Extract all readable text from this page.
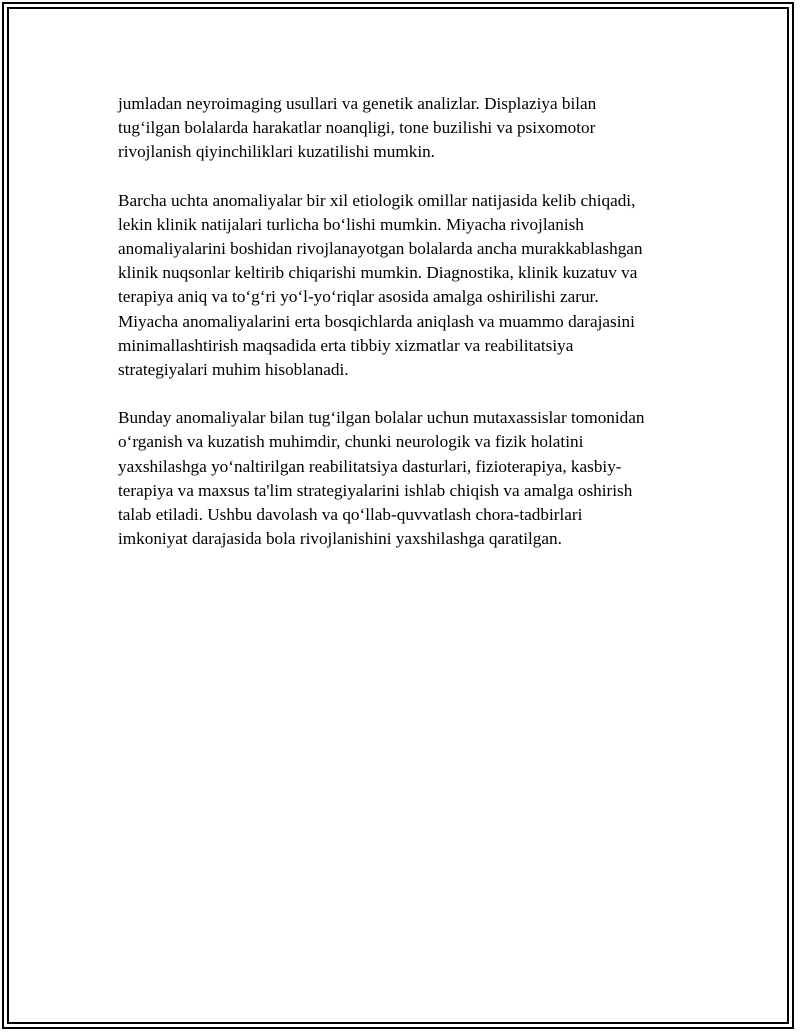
jumladan neyroimaging usullari va genetik analizlar. Displaziya bilan
tug‘ilgan bolalarda harakatlar noanqligi, tone buzilishi va psixomotor
rivojlanish qiyinchiliklari kuzatilishi mumkin.

Barcha uchta anomaliyalar bir xil etiologik omillar natijasida kelib chiqadi,
lekin klinik natijalari turlicha bo‘lishi mumkin. Miyacha rivojlanish
anomaliyalarini boshidan rivojlanayotgan bolalarda ancha murakkablashgan
klinik nuqsonlar keltirib chiqarishi mumkin. Diagnostika, klinik kuzatuv va
terapiya aniq va to‘g‘ri yo‘l-yo‘riqlar asosida amalga oshirilishi zarur.
Miyacha anomaliyalarini erta bosqichlarda aniqlash va muammo darajasini
minimallashtirish maqsadida erta tibbiy xizmatlar va reabilitatsiya
strategiyalari muhim hisoblanadi.

Bunday anomaliyalar bilan tug‘ilgan bolalar uchun mutaxassislar tomonidan
o‘rganish va kuzatish muhimdir, chunki neurologik va fizik holatini
yaxshilashga yo‘naltirilgan reabilitatsiya dasturlari, fizioterapiya, kasbiy-
terapiya va maxsus ta'lim strategiyalarini ishlab chiqish va amalga oshirish
talab etiladi. Ushbu davolash va qo‘llab-quvvatlash chora-tadbirlari
imkoniyat darajasida bola rivojlanishini yaxshilashga qaratilgan.
